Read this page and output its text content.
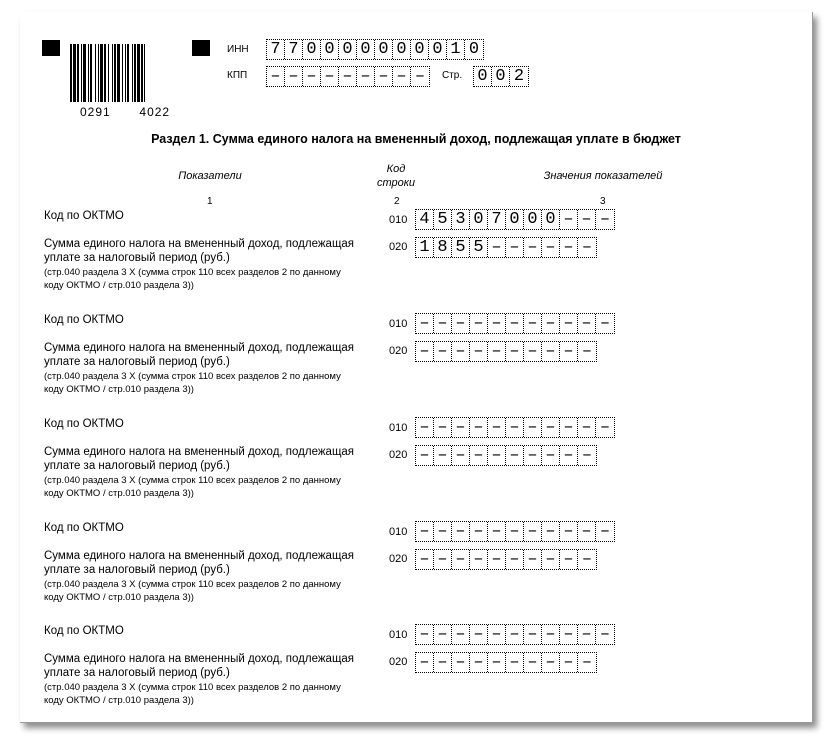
0291 4022
ИНН 7 7 0 0 0 0 0 0 0 0 1 0
КПП – – – – – – – – –	Стр. 0 0 2
Раздел 1. Сумма единого налога на вмененный доход, подлежащая уплате в бюджет
Показатели
Код
строки
Значения показателей
1	2	3
Код по ОКТМО	010 4 5 3 0 7 0 0 0 – – –
Сумма единого налога на вмененный доход, подлежащая
уплате за налоговый период (руб.)
(стр.040 раздела 3 Х (сумма строк 110 всех разделов 2 по данному
коду ОКТМО / стр.010 раздела 3))
020 1 8 5 5 – – – – – –
Код по ОКТМО	010 – – – – – – – – – – –
Сумма единого налога на вмененный доход, подлежащая
уплате за налоговый период (руб.)
(стр.040 раздела 3 Х (сумма строк 110 всех разделов 2 по данному
коду ОКТМО / стр.010 раздела 3))
020 – – – – – – – – – –
Код по ОКТМО	010 – – – – – – – – – – –
Сумма единого налога на вмененный доход, подлежащая
уплате за налоговый период (руб.)
(стр.040 раздела 3 Х (сумма строк 110 всех разделов 2 по данному
коду ОКТМО / стр.010 раздела 3))
020 – – – – – – – – – –
Код по ОКТМО	010 – – – – – – – – – – –
Сумма единого налога на вмененный доход, подлежащая
уплате за налоговый период (руб.)
(стр.040 раздела 3 Х (сумма строк 110 всех разделов 2 по данному
коду ОКТМО / стр.010 раздела 3))
020 – – – – – – – – – –
Код по ОКТМО	010 – – – – – – – – – – –
Сумма единого налога на вмененный доход, подлежащая
уплате за налоговый период (руб.)
(стр.040 раздела 3 Х (сумма строк 110 всех разделов 2 по данному
коду ОКТМО / стр.010 раздела 3))
020 – – – – – – – – – –
